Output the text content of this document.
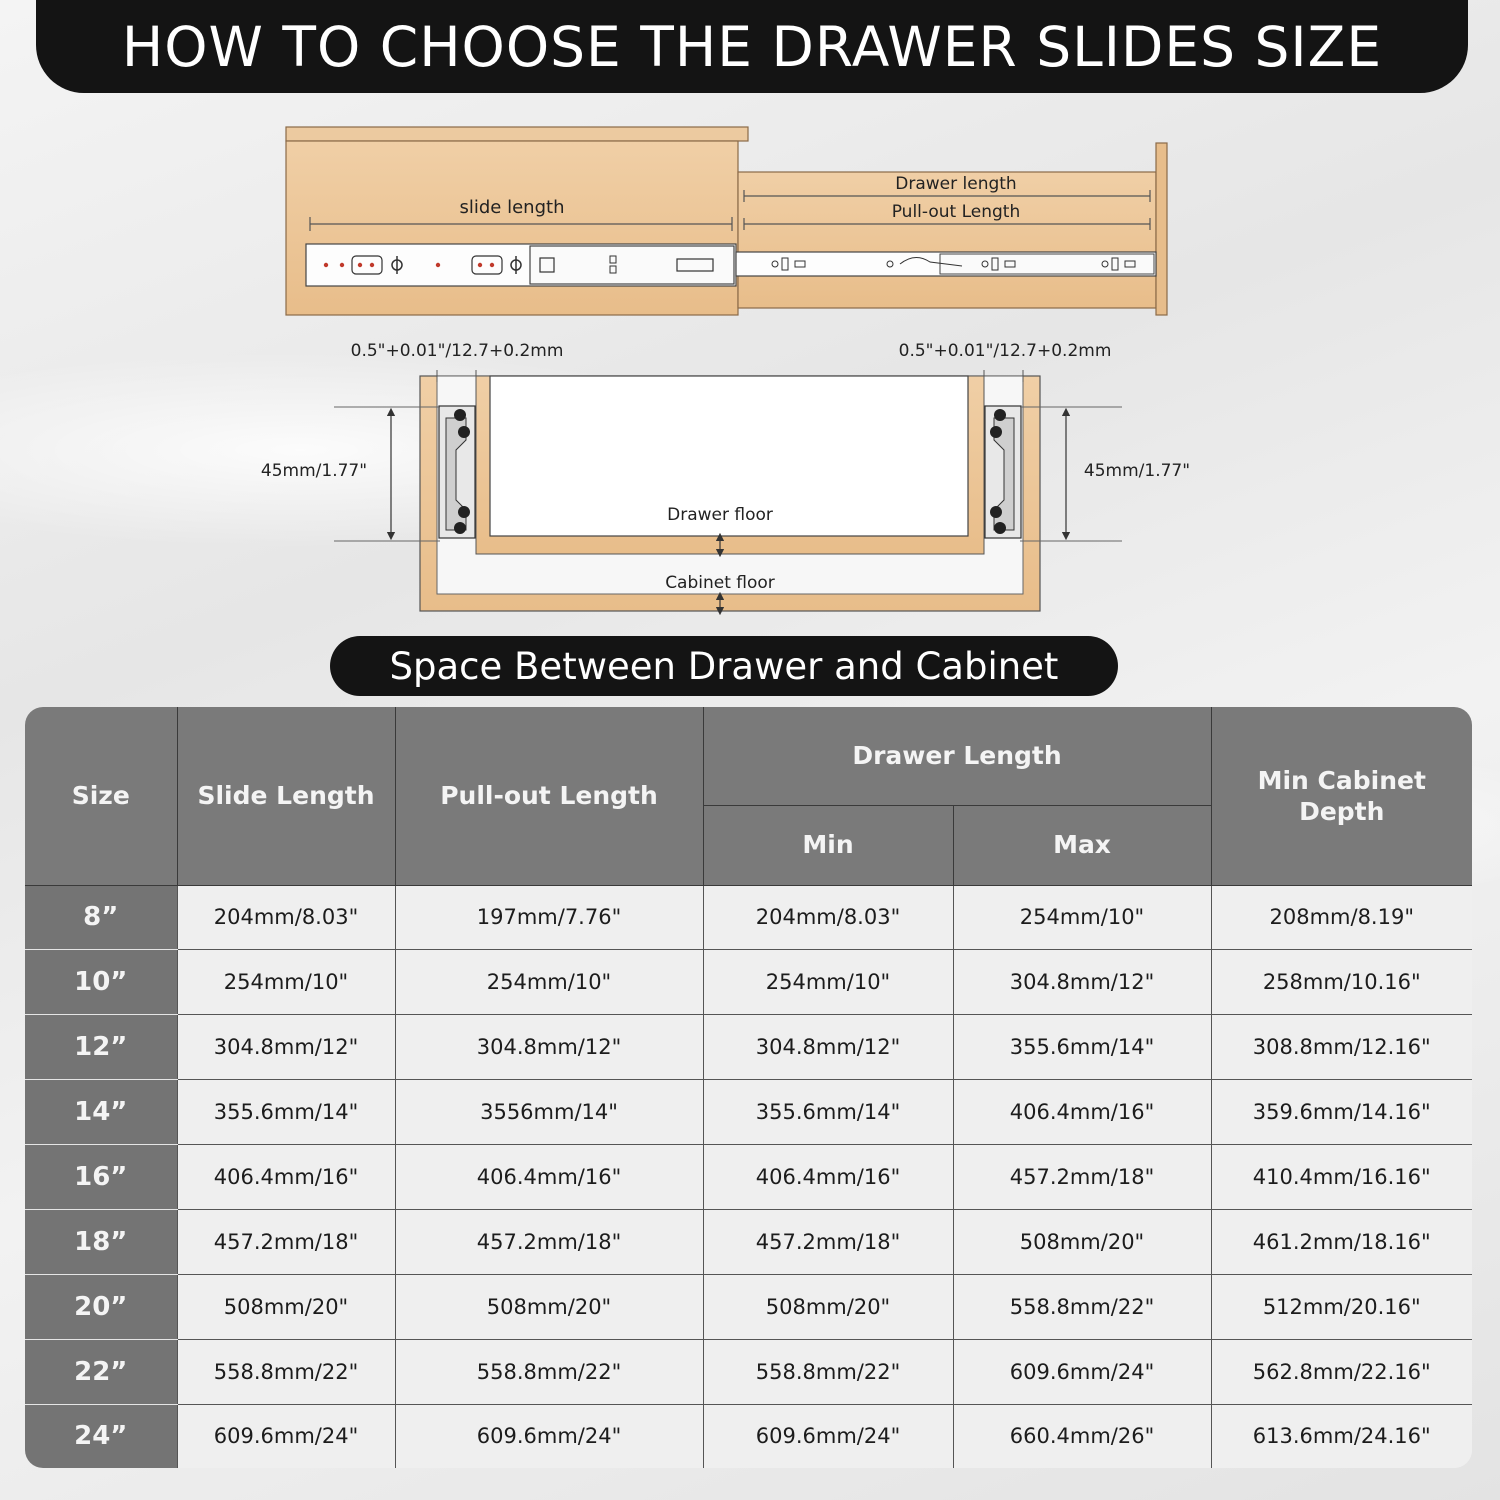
HOW TO CHOOSE THE DRAWER SLIDES SIZE
slide length
Drawer length
Pull-out Length
0.5"+0.01"/12.7+0.2mm	0.5"+0.01"/12.7+0.2mm
45mm/1.77"	45mm/1.77"
Drawer floor
Cabinet floor
Space Between Drawer and Cabinet
Size	Slide Length	Pull-out Length	Drawer Length		Min Cabinet Depth
			Min	Max	
8”	204mm/8.03"	197mm/7.76"	204mm/8.03"	254mm/10"	208mm/8.19"
10”	254mm/10"	254mm/10"	254mm/10"	304.8mm/12"	258mm/10.16"
12”	304.8mm/12"	304.8mm/12"	304.8mm/12"	355.6mm/14"	308.8mm/12.16"
14”	355.6mm/14"	3556mm/14"	355.6mm/14"	406.4mm/16"	359.6mm/14.16"
16”	406.4mm/16"	406.4mm/16"	406.4mm/16"	457.2mm/18"	410.4mm/16.16"
18”	457.2mm/18"	457.2mm/18"	457.2mm/18"	508mm/20"	461.2mm/18.16"
20”	508mm/20"	508mm/20"	508mm/20"	558.8mm/22"	512mm/20.16"
22”	558.8mm/22"	558.8mm/22"	558.8mm/22"	609.6mm/24"	562.8mm/22.16"
24”	609.6mm/24"	609.6mm/24"	609.6mm/24"	660.4mm/26"	613.6mm/24.16"
